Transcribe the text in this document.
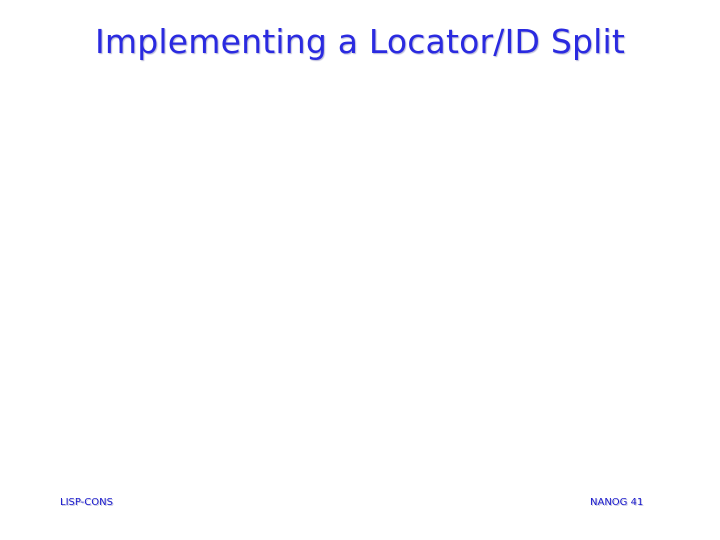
Implementing a Locator/ID Split
LISP-CONS	NANOG 41
